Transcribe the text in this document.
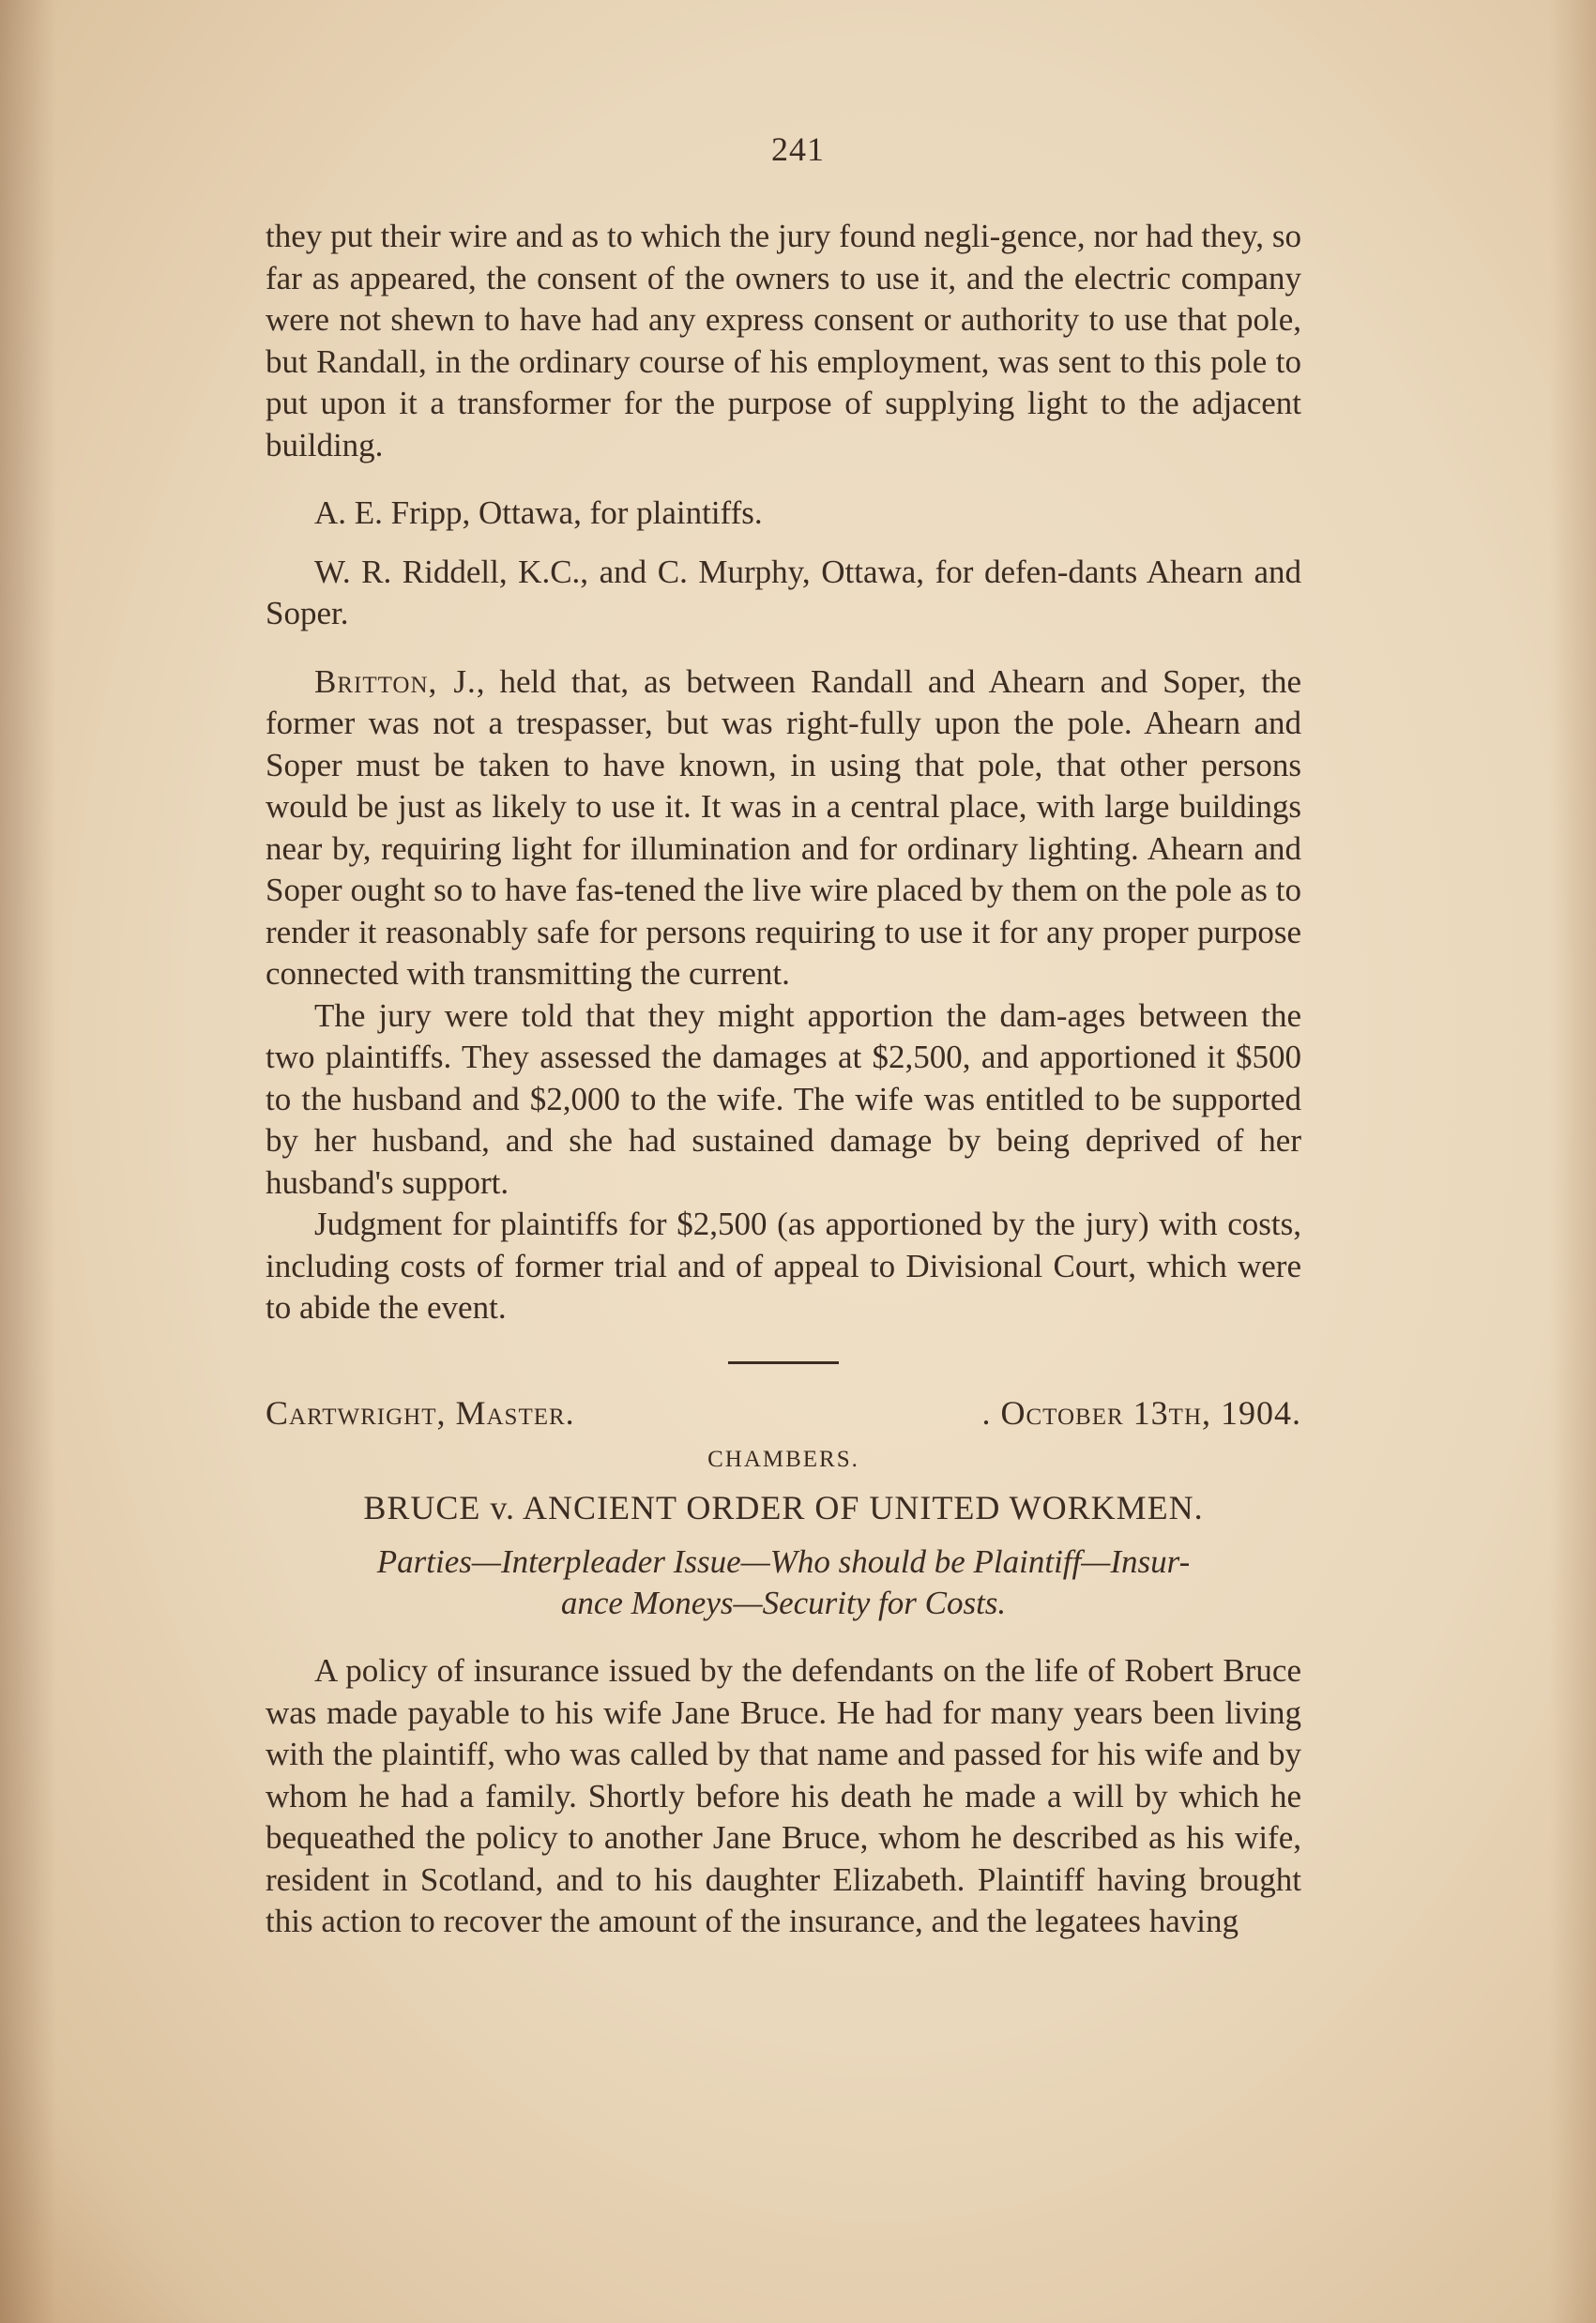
241

they put their wire and as to which the jury found negli-gence, nor had they, so far as appeared, the consent of the owners to use it, and the electric company were not shewn to have had any express consent or authority to use that pole, but Randall, in the ordinary course of his employment, was sent to this pole to put upon it a transformer for the purpose of supplying light to the adjacent building.

A. E. Fripp, Ottawa, for plaintiffs.

W. R. Riddell, K.C., and C. Murphy, Ottawa, for defen-dants Ahearn and Soper.

Britton, J., held that, as between Randall and Ahearn and Soper, the former was not a trespasser, but was right-fully upon the pole. Ahearn and Soper must be taken to have known, in using that pole, that other persons would be just as likely to use it. It was in a central place, with large buildings near by, requiring light for illumination and for ordinary lighting. Ahearn and Soper ought so to have fas-tened the live wire placed by them on the pole as to render it reasonably safe for persons requiring to use it for any proper purpose connected with transmitting the current.

The jury were told that they might apportion the dam-ages between the two plaintiffs. They assessed the damages at $2,500, and apportioned it $500 to the husband and $2,000 to the wife. The wife was entitled to be supported by her husband, and she had sustained damage by being deprived of her husband's support.

Judgment for plaintiffs for $2,500 (as apportioned by the jury) with costs, including costs of former trial and of appeal to Divisional Court, which were to abide the event.

Cartwright, Master.	. October 13th, 1904.
CHAMBERS.
BRUCE v. ANCIENT ORDER OF UNITED WORKMEN.
Parties—Interpleader Issue—Who should be Plaintiff—Insur-
ance Moneys—Security for Costs.

A policy of insurance issued by the defendants on the life of Robert Bruce was made payable to his wife Jane Bruce. He had for many years been living with the plaintiff, who was called by that name and passed for his wife and by whom he had a family. Shortly before his death he made a will by which he bequeathed the policy to another Jane Bruce, whom he described as his wife, resident in Scotland, and to his daughter Elizabeth. Plaintiff having brought this action to recover the amount of the insurance, and the legatees having
